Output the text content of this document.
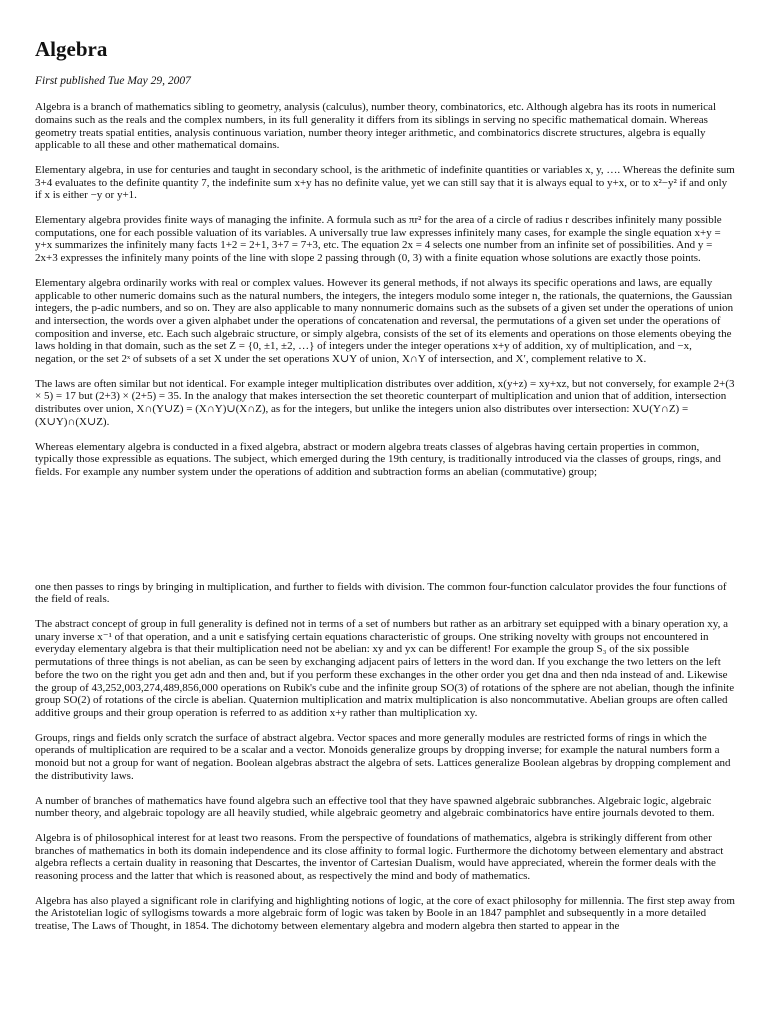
Algebra
First published Tue May 29, 2007

Algebra is a branch of mathematics sibling to geometry, analysis (calculus), number theory, combinatorics, etc. Although algebra has its roots in numerical domains such as the reals and the complex numbers, in its full generality it differs from its siblings in serving no specific mathematical domain. Whereas geometry treats spatial entities, analysis continuous variation, number theory integer arithmetic, and combinatorics discrete structures, algebra is equally applicable to all these and other mathematical domains.

Elementary algebra, in use for centuries and taught in secondary school, is the arithmetic of indefinite quantities or variables x, y, …. Whereas the definite sum 3+4 evaluates to the definite quantity 7, the indefinite sum x+y has no definite value, yet we can still say that it is always equal to y+x, or to x²−y² if and only if x is either −y or y+1.

Elementary algebra provides finite ways of managing the infinite. A formula such as πr² for the area of a circle of radius r describes infinitely many possible computations, one for each possible valuation of its variables. A universally true law expresses infinitely many cases, for example the single equation x+y = y+x summarizes the infinitely many facts 1+2 = 2+1, 3+7 = 7+3, etc. The equation 2x = 4 selects one number from an infinite set of possibilities. And y = 2x+3 expresses the infinitely many points of the line with slope 2 passing through (0, 3) with a finite equation whose solutions are exactly those points.

Elementary algebra ordinarily works with real or complex values. However its general methods, if not always its specific operations and laws, are equally applicable to other numeric domains such as the natural numbers, the integers, the integers modulo some integer n, the rationals, the quaternions, the Gaussian integers, the p-adic numbers, and so on. They are also applicable to many nonnumeric domains such as the subsets of a given set under the operations of union and intersection, the words over a given alphabet under the operations of concatenation and reversal, the permutations of a given set under the operations of composition and inverse, etc. Each such algebraic structure, or simply algebra, consists of the set of its elements and operations on those elements obeying the laws holding in that domain, such as the set Z = {0, ±1, ±2, …} of integers under the integer operations x+y of addition, xy of multiplication, and −x, negation, or the set 2ˣ of subsets of a set X under the set operations X∪Y of union, X∩Y of intersection, and X′, complement relative to X.

The laws are often similar but not identical. For example integer multiplication distributes over addition, x(y+z) = xy+xz, but not conversely, for example 2+(3 × 5) = 17 but (2+3) × (2+5) = 35. In the analogy that makes intersection the set theoretic counterpart of multiplication and union that of addition, intersection distributes over union, X∩(Y∪Z) = (X∩Y)∪(X∩Z), as for the integers, but unlike the integers union also distributes over intersection: X∪(Y∩Z) = (X∪Y)∩(X∪Z).

Whereas elementary algebra is conducted in a fixed algebra, abstract or modern algebra treats classes of algebras having certain properties in common, typically those expressible as equations. The subject, which emerged during the 19th century, is traditionally introduced via the classes of groups, rings, and fields. For example any number system under the operations of addition and subtraction forms an abelian (commutative) group;

one then passes to rings by bringing in multiplication, and further to fields with division. The common four-function calculator provides the four functions of the field of reals.

The abstract concept of group in full generality is defined not in terms of a set of numbers but rather as an arbitrary set equipped with a binary operation xy, a unary inverse x⁻¹ of that operation, and a unit e satisfying certain equations characteristic of groups. One striking novelty with groups not encountered in everyday elementary algebra is that their multiplication need not be abelian: xy and yx can be different! For example the group S₃ of the six possible permutations of three things is not abelian, as can be seen by exchanging adjacent pairs of letters in the word dan. If you exchange the two letters on the left before the two on the right you get adn and then and, but if you perform these exchanges in the other order you get dna and then nda instead of and. Likewise the group of 43,252,003,274,489,856,000 operations on Rubik's cube and the infinite group SO(3) of rotations of the sphere are not abelian, though the infinite group SO(2) of rotations of the circle is abelian. Quaternion multiplication and matrix multiplication is also noncommutative. Abelian groups are often called additive groups and their group operation is referred to as addition x+y rather than multiplication xy.

Groups, rings and fields only scratch the surface of abstract algebra. Vector spaces and more generally modules are restricted forms of rings in which the operands of multiplication are required to be a scalar and a vector. Monoids generalize groups by dropping inverse; for example the natural numbers form a monoid but not a group for want of negation. Boolean algebras abstract the algebra of sets. Lattices generalize Boolean algebras by dropping complement and the distributivity laws.

A number of branches of mathematics have found algebra such an effective tool that they have spawned algebraic subbranches. Algebraic logic, algebraic number theory, and algebraic topology are all heavily studied, while algebraic geometry and algebraic combinatorics have entire journals devoted to them.

Algebra is of philosophical interest for at least two reasons. From the perspective of foundations of mathematics, algebra is strikingly different from other branches of mathematics in both its domain independence and its close affinity to formal logic. Furthermore the dichotomy between elementary and abstract algebra reflects a certain duality in reasoning that Descartes, the inventor of Cartesian Dualism, would have appreciated, wherein the former deals with the reasoning process and the latter that which is reasoned about, as respectively the mind and body of mathematics.

Algebra has also played a significant role in clarifying and highlighting notions of logic, at the core of exact philosophy for millennia. The first step away from the Aristotelian logic of syllogisms towards a more algebraic form of logic was taken by Boole in an 1847 pamphlet and subsequently in a more detailed treatise, The Laws of Thought, in 1854. The dichotomy between elementary algebra and modern algebra then started to appear in the
